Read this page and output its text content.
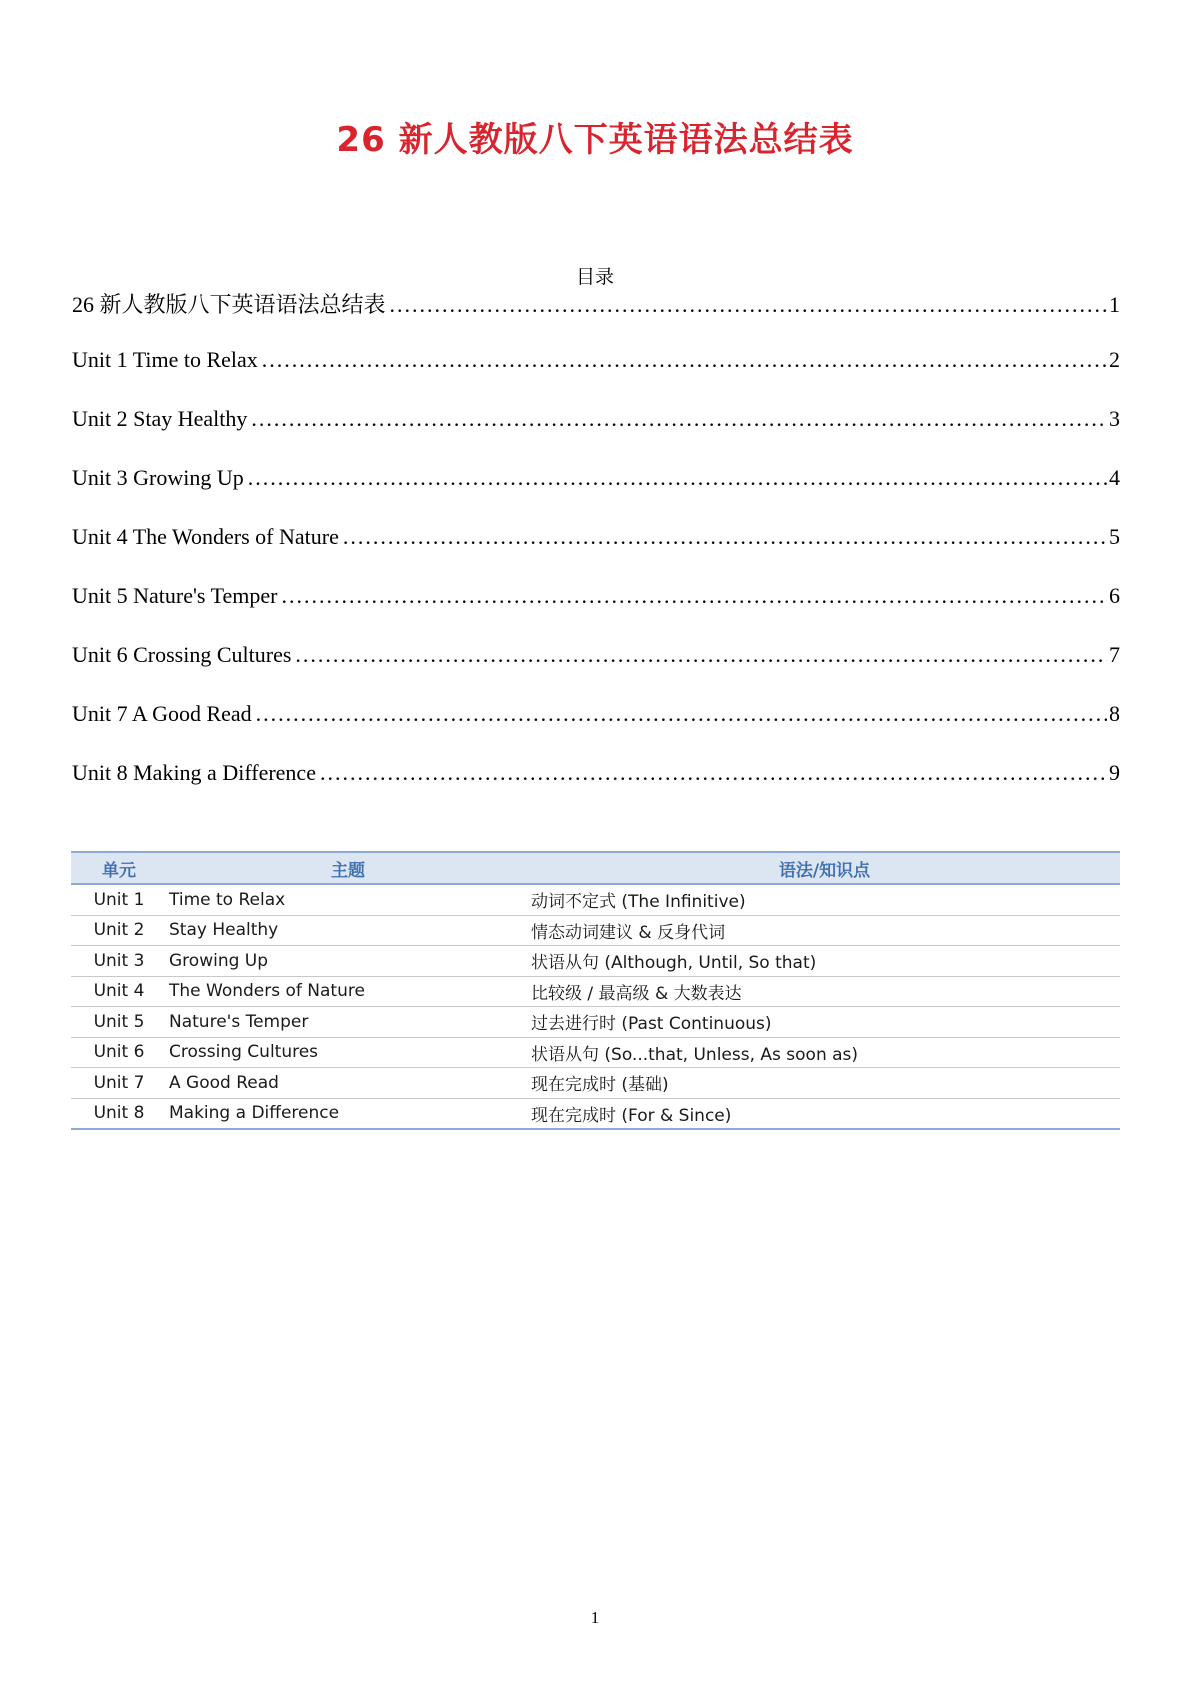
26 新人教版八下英语语法总结表
目录
26 新人教版八下英语语法总结表 .....	1
Unit 1 Time to Relax .....	2
Unit 2 Stay Healthy .....	3
Unit 3 Growing Up .....	4
Unit 4 The Wonders of Nature .....	5
Unit 5 Nature's Temper .....	6
Unit 6 Crossing Cultures .....	7
Unit 7 A Good Read .....	8
Unit 8 Making a Difference .....	9
单元	主题	语法/知识点
Unit 1	Time to Relax	动词不定式 (The Infinitive)
Unit 2	Stay Healthy	情态动词建议 & 反身代词
Unit 3	Growing Up	状语从句 (Although, Until, So that)
Unit 4	The Wonders of Nature	比较级 / 最高级 & 大数表达
Unit 5	Nature's Temper	过去进行时 (Past Continuous)
Unit 6	Crossing Cultures	状语从句 (So...that, Unless, As soon as)
Unit 7	A Good Read	现在完成时 (基础)
Unit 8	Making a Difference	现在完成时 (For & Since)
1
